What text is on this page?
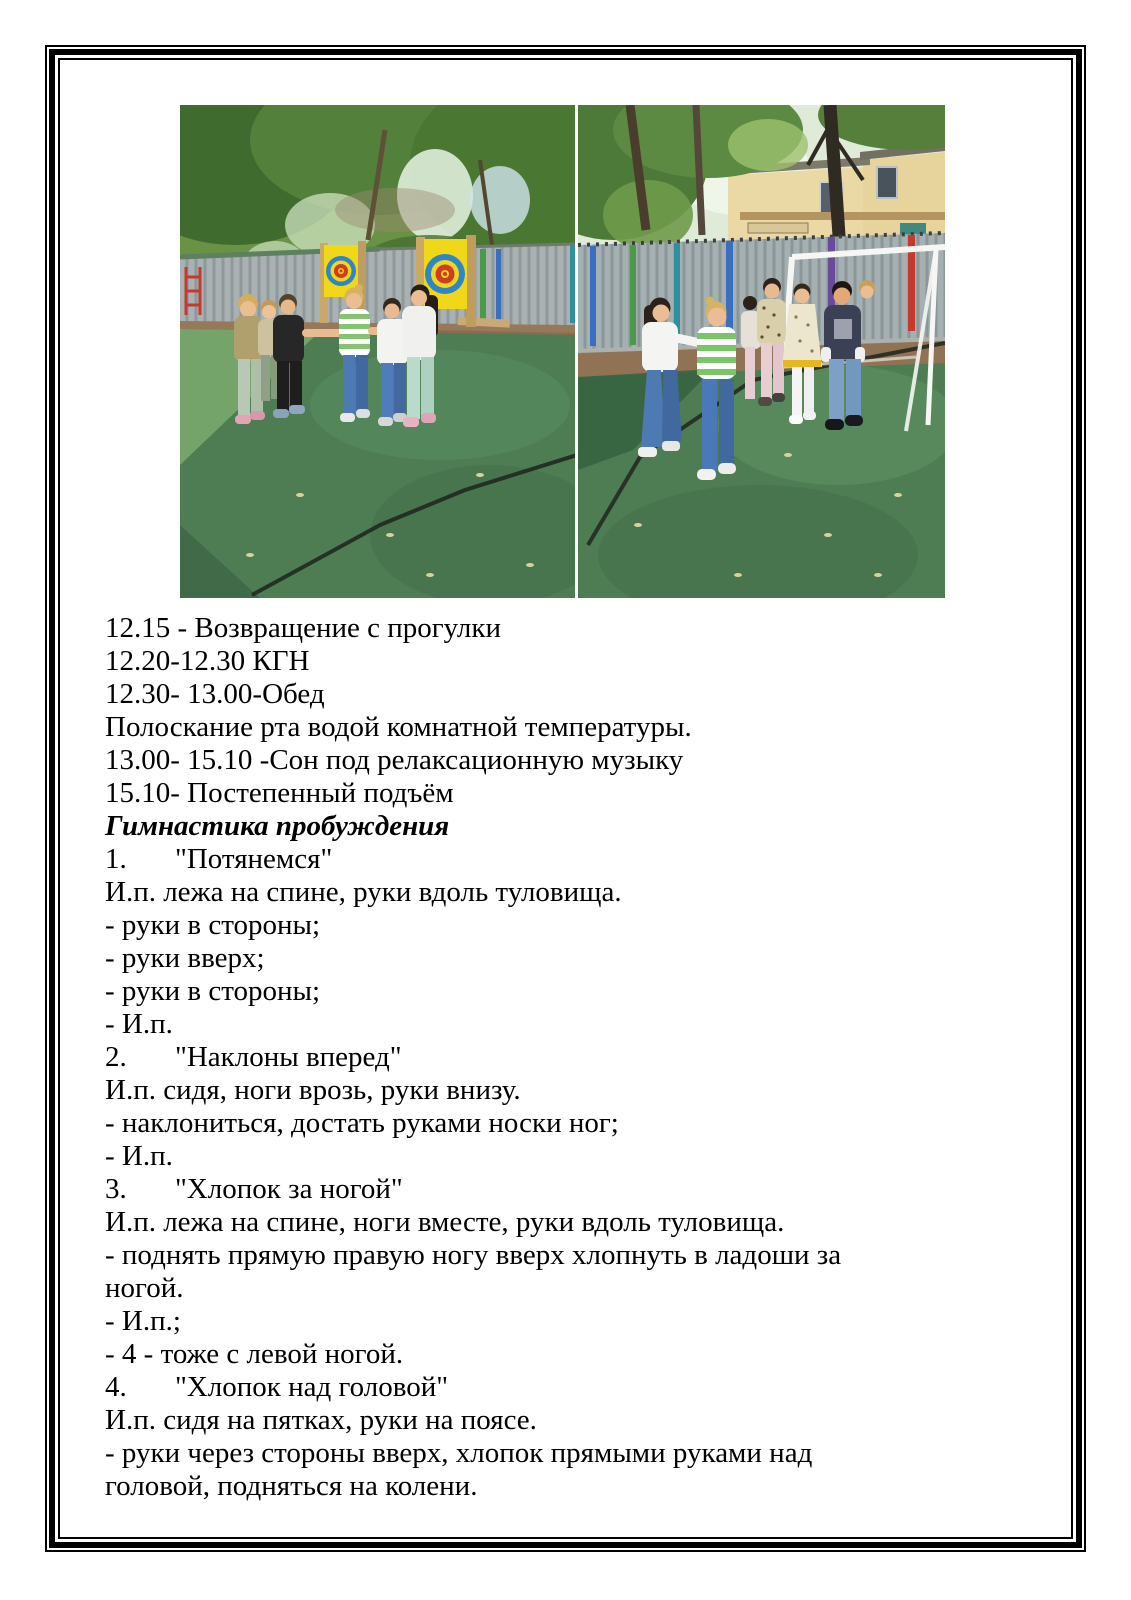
12.15 - Возвращение с прогулки
12.20-12.30 КГН
12.30- 13.00-Обед
Полоскание рта водой комнатной температуры.
13.00- 15.10 -Сон под релаксационную музыку
15.10- Постепенный подъём
Гимнастика пробуждения
1. "Потянемся"
И.п. лежа на спине, руки вдоль туловища.
- руки в стороны;
- руки вверх;
- руки в стороны;
- И.п.
2. "Наклоны вперед"
И.п. сидя, ноги врозь, руки внизу.
- наклониться, достать руками носки ног;
- И.п.
3. "Хлопок за ногой"
И.п. лежа на спине, ноги вместе, руки вдоль туловища.
- поднять прямую правую ногу вверх хлопнуть в ладоши за
ногой.
- И.п.;
- 4 - тоже с левой ногой.
4. "Хлопок над головой"
И.п. сидя на пятках, руки на поясе.
- руки через стороны вверх, хлопок прямыми руками над
головой, подняться на колени.
